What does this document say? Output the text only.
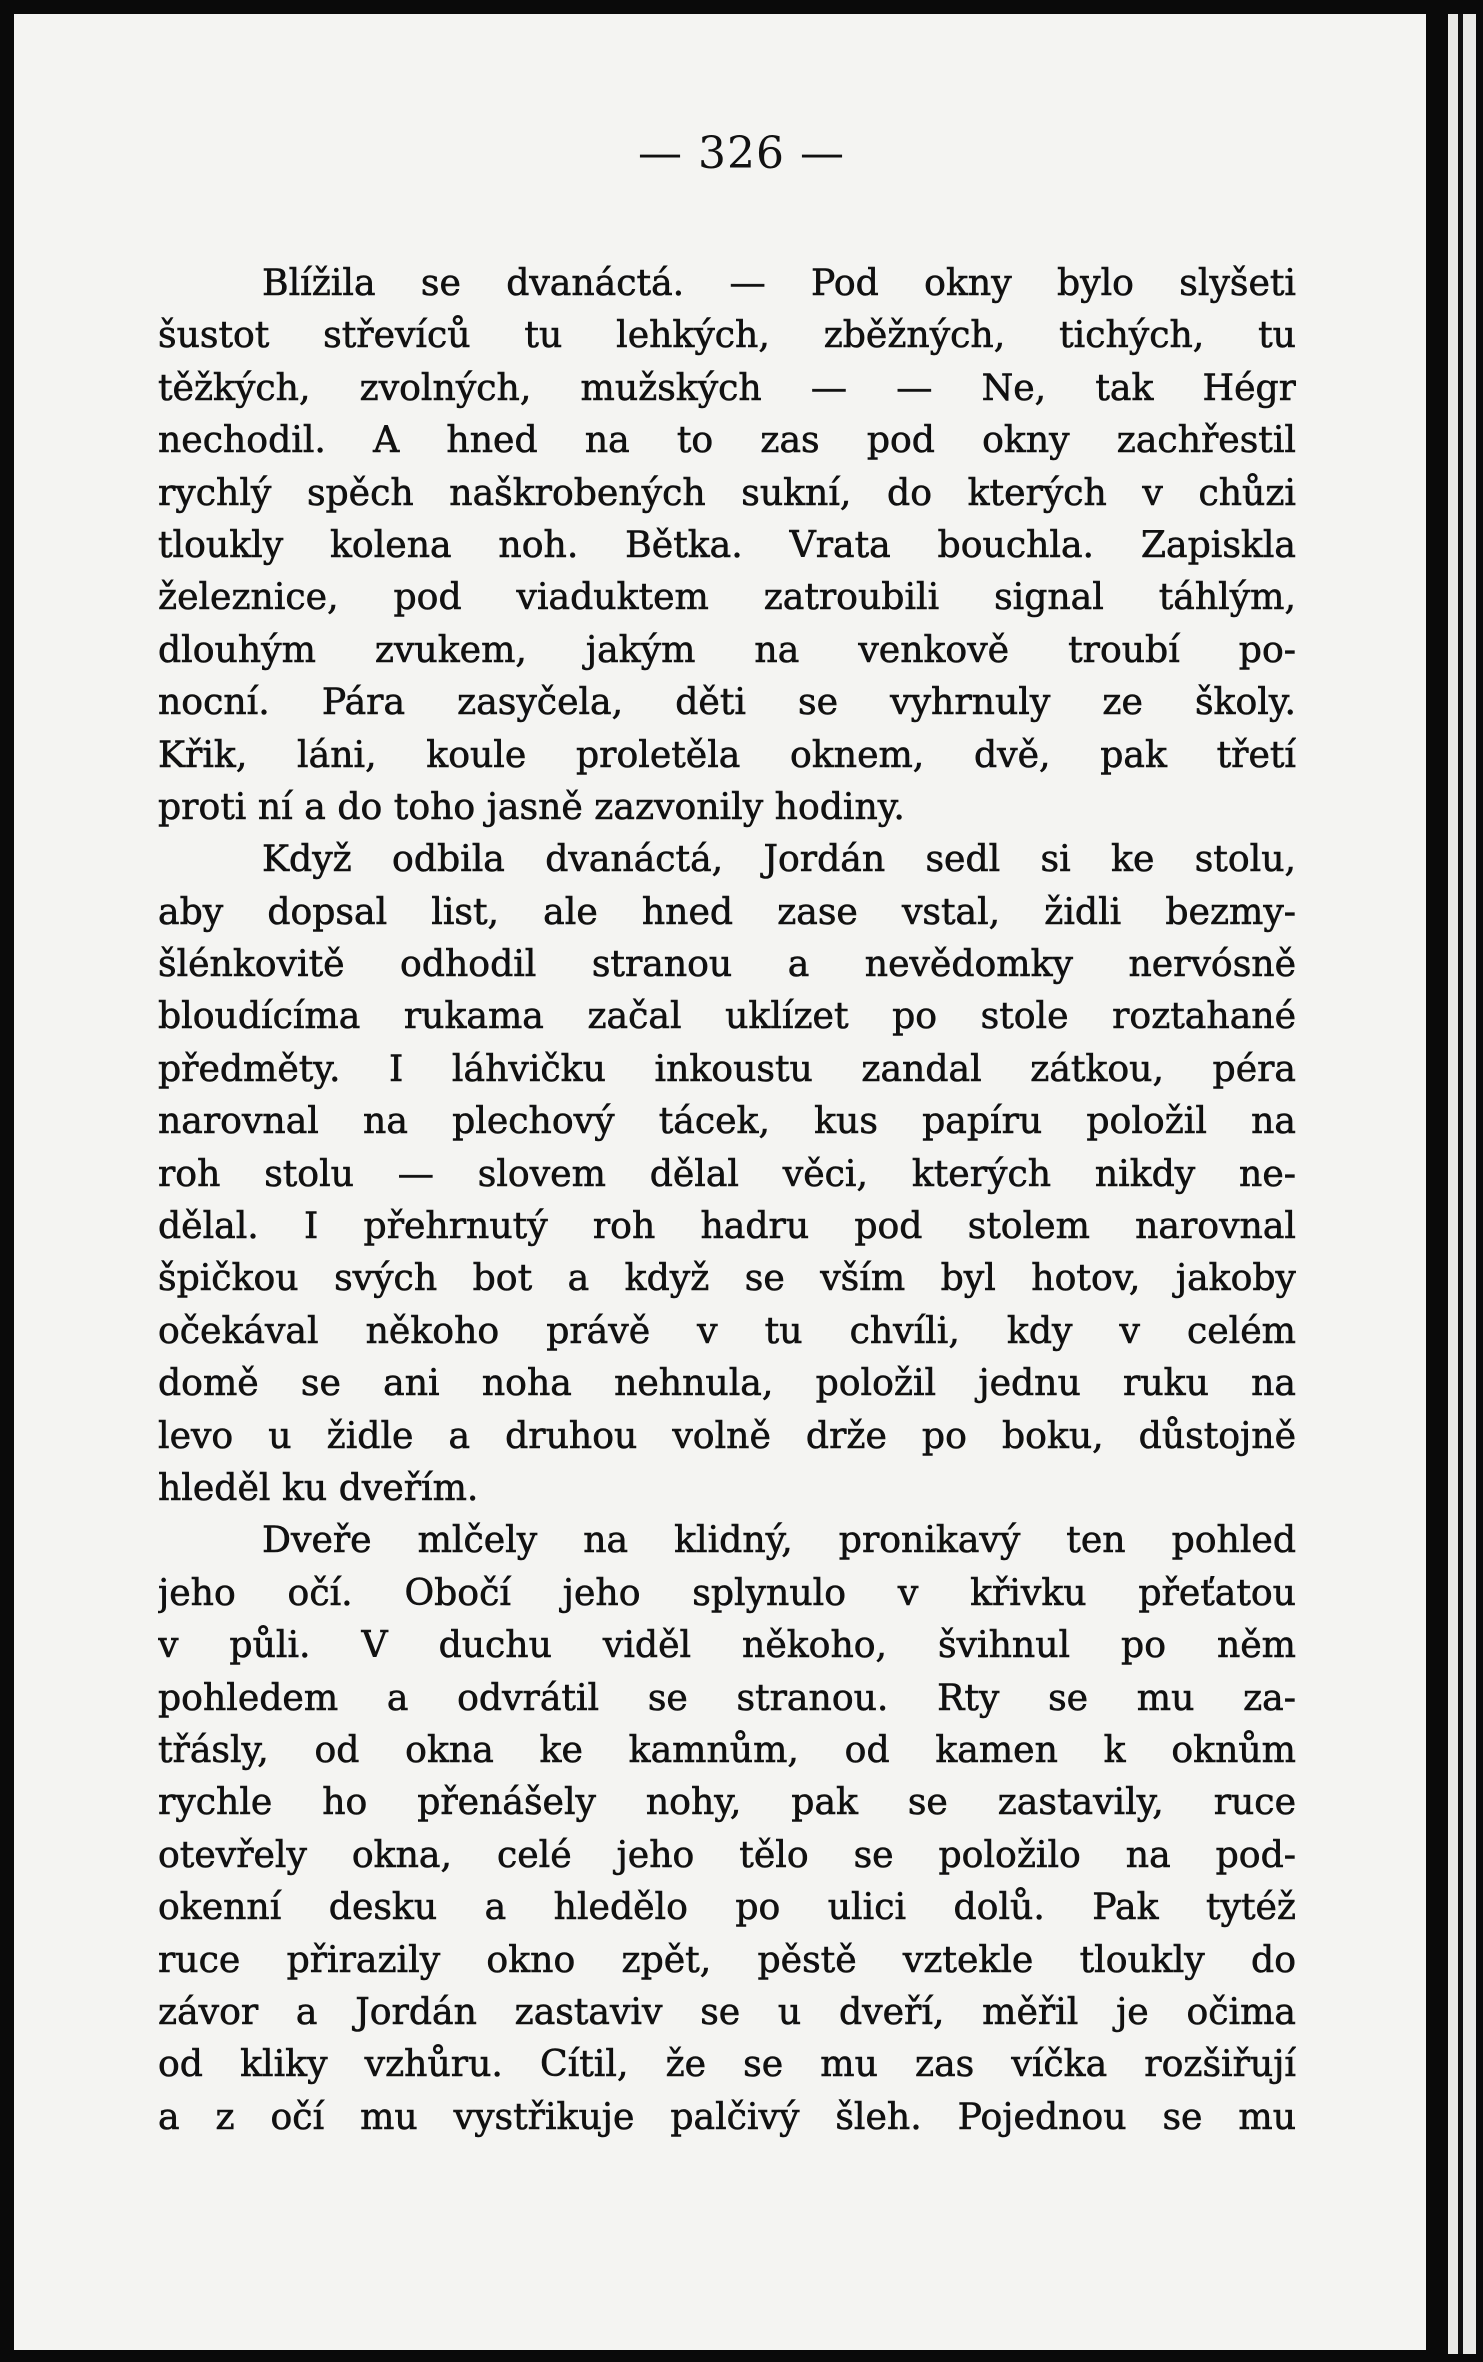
— 326 —
Blížila se dvanáctá. — Pod okny bylo slyšeti
šustot střevíců tu lehkých, zběžných, tichých, tu
těžkých, zvolných, mužských — — Ne, tak Hégr
nechodil. A hned na to zas pod okny zachřestil
rychlý spěch naškrobených sukní, do kterých v chůzi
tloukly kolena noh. Bětka. Vrata bouchla. Zapiskla
železnice, pod viaduktem zatroubili signal táhlým,
dlouhým zvukem, jakým na venkově troubí po-
nocní. Pára zasyčela, děti se vyhrnuly ze školy.
Křik, láni, koule proletěla oknem, dvě, pak třetí
proti ní a do toho jasně zazvonily hodiny.
Když odbila dvanáctá, Jordán sedl si ke stolu,
aby dopsal list, ale hned zase vstal, židli bezmy-
šlénkovitě odhodil stranou a nevědomky nervósně
bloudícíma rukama začal uklízet po stole roztahané
předměty. I láhvičku inkoustu zandal zátkou, péra
narovnal na plechový tácek, kus papíru položil na
roh stolu — slovem dělal věci, kterých nikdy ne-
dělal. I přehrnutý roh hadru pod stolem narovnal
špičkou svých bot a když se vším byl hotov, jakoby
očekával někoho právě v tu chvíli, kdy v celém
domě se ani noha nehnula, položil jednu ruku na
levo u židle a druhou volně drže po boku, důstojně
hleděl ku dveřím.
Dveře mlčely na klidný, pronikavý ten pohled
jeho očí. Obočí jeho splynulo v křivku přeťatou
v půli. V duchu viděl někoho, švihnul po něm
pohledem a odvrátil se stranou. Rty se mu za-
třásly, od okna ke kamnům, od kamen k oknům
rychle ho přenášely nohy, pak se zastavily, ruce
otevřely okna, celé jeho tělo se položilo na pod-
okenní desku a hledělo po ulici dolů. Pak tytéž
ruce přirazily okno zpět, pěstě vztekle tloukly do
závor a Jordán zastaviv se u dveří, měřil je očima
od kliky vzhůru. Cítil, že se mu zas víčka rozšiřují
a z očí mu vystřikuje palčivý šleh. Pojednou se mu
